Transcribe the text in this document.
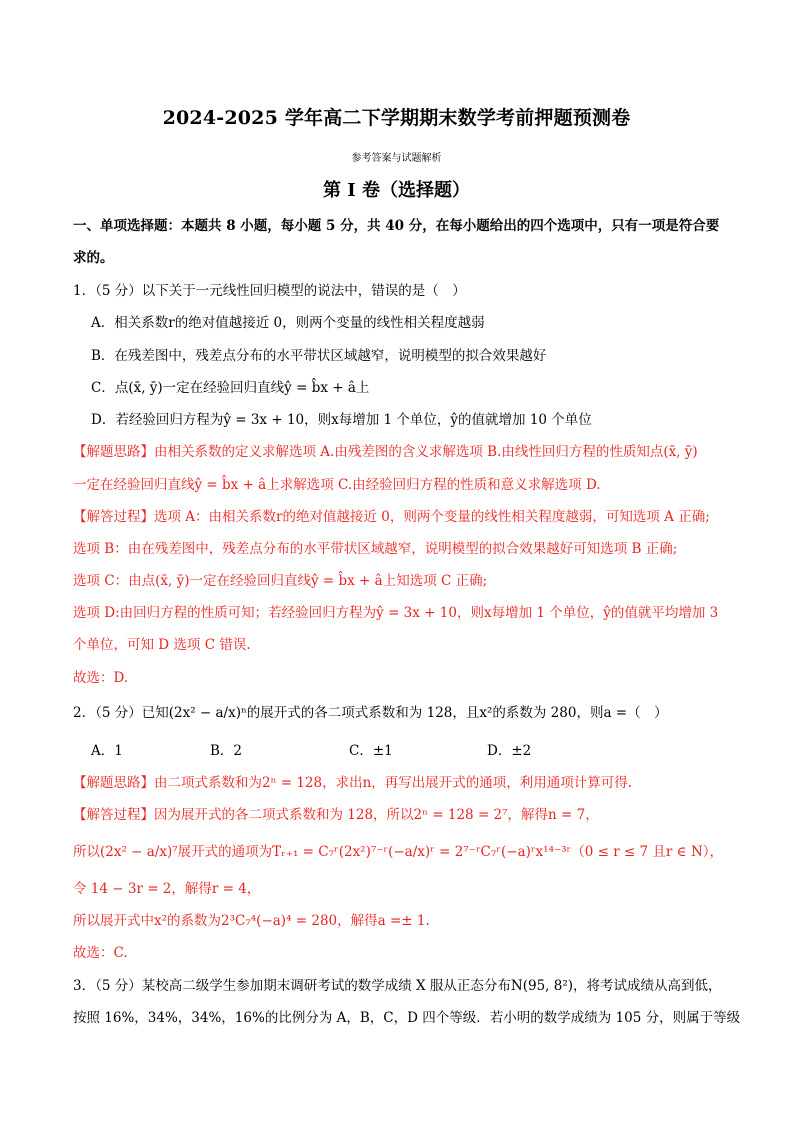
2024-2025 学年高二下学期期末数学考前押题预测卷
参考答案与试题解析
第 I 卷（选择题）
一、单项选择题：本题共 8 小题，每小题 5 分，共 40 分，在每小题给出的四个选项中，只有一项是符合要
求的。
1．（5 分）以下关于一元线性回归模型的说法中，错误的是（　）
A．相关系数r的绝对值越接近 0，则两个变量的线性相关程度越弱
B．在残差图中，残差点分布的水平带状区域越窄，说明模型的拟合效果越好
C．点(x̄, ȳ)一定在经验回归直线ŷ = b̂x + â上
D．若经验回归方程为ŷ = 3x + 10，则x每增加 1 个单位，ŷ的值就增加 10 个单位
【解题思路】由相关系数的定义求解选项 A.由残差图的含义求解选项 B.由线性回归方程的性质知点(x̄, ȳ)
一定在经验回归直线ŷ = b̂x + â上求解选项 C.由经验回归方程的性质和意义求解选项 D.
【解答过程】选项 A：由相关系数r的绝对值越接近 0，则两个变量的线性相关程度越弱，可知选项 A 正确;
选项 B：由在残差图中，残差点分布的水平带状区域越窄，说明模型的拟合效果越好可知选项 B 正确;
选项 C：由点(x̄, ȳ)一定在经验回归直线ŷ = b̂x + â上知选项 C 正确;
选项 D:由回归方程的性质可知；若经验回归方程为ŷ = 3x + 10，则x每增加 1 个单位，ŷ的值就平均增加 3
个单位，可知 D 选项 C 错误.
故选：D.
2．（5 分）已知(2x² − a/x)ⁿ的展开式的各二项式系数和为 128，且x²的系数为 280，则a =（　）
A．1	B．2	C．±1	D．±2
【解题思路】由二项式系数和为2ⁿ = 128，求出n，再写出展开式的通项，利用通项计算可得.
【解答过程】因为展开式的各二项式系数和为 128，所以2ⁿ = 128 = 2⁷，解得n = 7，
所以(2x² − a/x)⁷展开式的通项为Tᵣ₊₁ = C₇ʳ(2x²)⁷⁻ʳ(−a/x)ʳ = 2⁷⁻ʳC₇ʳ(−a)ʳx¹⁴⁻³ʳ（0 ≤ r ≤ 7 且r ∈ N），
令 14 − 3r = 2，解得r = 4，
所以展开式中x²的系数为2³C₇⁴(−a)⁴ = 280，解得a =± 1.
故选：C.
3．（5 分）某校高二级学生参加期末调研考试的数学成绩 X 服从正态分布N(95, 8²)，将考试成绩从高到低，
按照 16%，34%，34%，16%的比例分为 A，B，C，D 四个等级．若小明的数学成绩为 105 分，则属于等级
